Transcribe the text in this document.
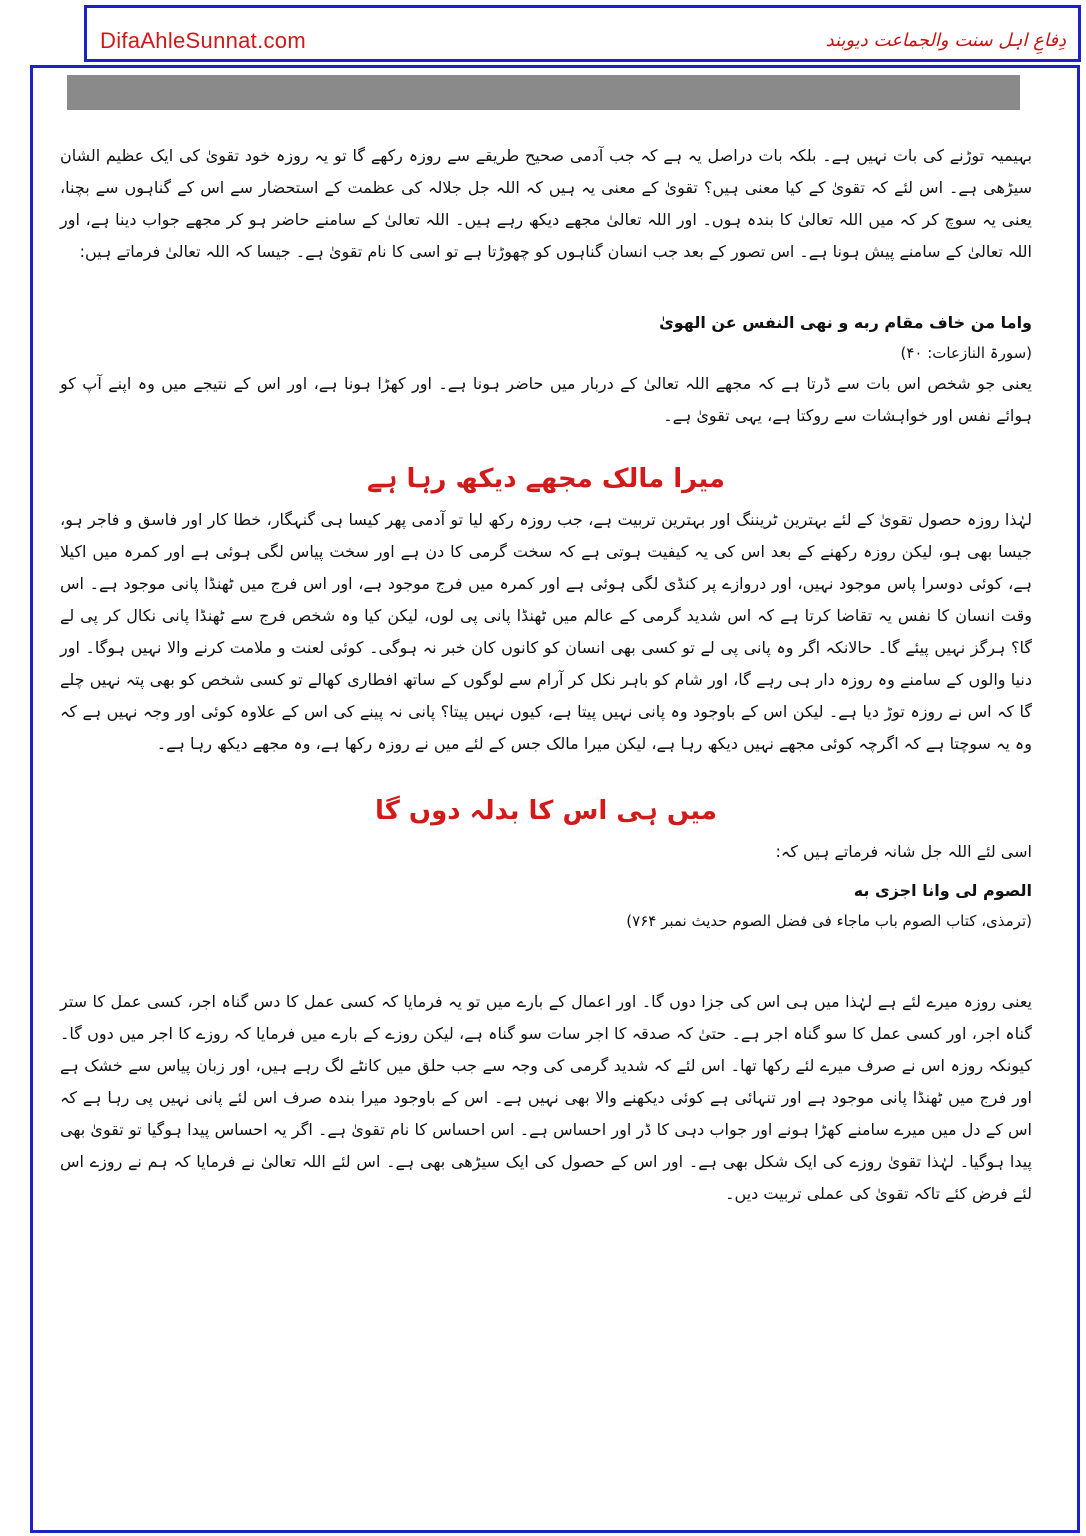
DifaAhleSunnat.com	دِفاعِ اہل سنت والجماعت دیوبند

بہیمیہ توڑنے کی بات نہیں ہے۔ بلکہ بات دراصل یہ ہے کہ جب آدمی صحیح طریقے سے روزہ رکھے گا تو یہ روزہ خود تقویٰ کی ایک عظیم الشان سیڑھی ہے۔ اس لئے کہ تقویٰ کے کیا معنی ہیں؟ تقویٰ کے معنی یہ ہیں کہ اللہ جل جلالہ کی عظمت کے استحضار سے اس کے گناہوں سے بچنا، یعنی یہ سوچ کر کہ میں اللہ تعالیٰ کا بندہ ہوں۔ اور اللہ تعالیٰ مجھے دیکھ رہے ہیں۔ اللہ تعالیٰ کے سامنے حاضر ہو کر مجھے جواب دینا ہے، اور اللہ تعالیٰ کے سامنے پیش ہونا ہے۔ اس تصور کے بعد جب انسان گناہوں کو چھوڑتا ہے تو اسی کا نام تقویٰ ہے۔ جیسا کہ اللہ تعالیٰ فرماتے ہیں:

واما من خاف مقام ربه و نهى النفس عن الهوىٰ

(سورۃ النازعات: ۴۰)

یعنی جو شخص اس بات سے ڈرتا ہے کہ مجھے اللہ تعالیٰ کے دربار میں حاضر ہونا ہے۔ اور کھڑا ہونا ہے، اور اس کے نتیجے میں وہ اپنے آپ کو ہوائے نفس اور خواہشات سے روکتا ہے، یہی تقویٰ ہے۔

میرا مالک مجھے دیکھ رہا ہے

لہٰذا روزہ حصول تقویٰ کے لئے بہترین ٹریننگ اور بہترین تربیت ہے، جب روزہ رکھ لیا تو آدمی پھر کیسا ہی گنہگار، خطا کار اور فاسق و فاجر ہو، جیسا بھی ہو، لیکن روزہ رکھنے کے بعد اس کی یہ کیفیت ہوتی ہے کہ سخت گرمی کا دن ہے اور سخت پیاس لگی ہوئی ہے اور کمرہ میں اکیلا ہے، کوئی دوسرا پاس موجود نہیں، اور دروازے پر کنڈی لگی ہوئی ہے اور کمرہ میں فرج موجود ہے، اور اس فرج میں ٹھنڈا پانی موجود ہے۔ اس وقت انسان کا نفس یہ تقاضا کرتا ہے کہ اس شدید گرمی کے عالم میں ٹھنڈا پانی پی لوں، لیکن کیا وہ شخص فرج سے ٹھنڈا پانی نکال کر پی لے گا؟ ہرگز نہیں پیئے گا۔ حالانکہ اگر وہ پانی پی لے تو کسی بھی انسان کو کانوں کان خبر نہ ہوگی۔ کوئی لعنت و ملامت کرنے والا نہیں ہوگا۔ اور دنیا والوں کے سامنے وہ روزہ دار ہی رہے گا، اور شام کو باہر نکل کر آرام سے لوگوں کے ساتھ افطاری کھالے تو کسی شخص کو بھی پتہ نہیں چلے گا کہ اس نے روزہ توڑ دیا ہے۔ لیکن اس کے باوجود وہ پانی نہیں پیتا ہے، کیوں نہیں پیتا؟ پانی نہ پینے کی اس کے علاوہ کوئی اور وجہ نہیں ہے کہ وہ یہ سوچتا ہے کہ اگرچہ کوئی مجھے نہیں دیکھ رہا ہے، لیکن میرا مالک جس کے لئے میں نے روزہ رکھا ہے، وہ مجھے دیکھ رہا ہے۔

میں ہی اس کا بدلہ دوں گا

اسی لئے اللہ جل شانہ فرماتے ہیں کہ:

الصوم لی وانا اجزی به

(ترمذی، کتاب الصوم باب ماجاء فی فضل الصوم حدیث نمبر ۷۶۴)

یعنی روزہ میرے لئے ہے لہٰذا میں ہی اس کی جزا دوں گا۔ اور اعمال کے بارے میں تو یہ فرمایا کہ کسی عمل کا دس گناہ اجر، کسی عمل کا ستر گناہ اجر، اور کسی عمل کا سو گناہ اجر ہے۔ حتیٰ کہ صدقہ کا اجر سات سو گناہ ہے، لیکن روزے کے بارے میں فرمایا کہ روزے کا اجر میں دوں گا۔ کیونکہ روزہ اس نے صرف میرے لئے رکھا تھا۔ اس لئے کہ شدید گرمی کی وجہ سے جب حلق میں کانٹے لگ رہے ہیں، اور زبان پیاس سے خشک ہے اور فرج میں ٹھنڈا پانی موجود ہے اور تنہائی ہے کوئی دیکھنے والا بھی نہیں ہے۔ اس کے باوجود میرا بندہ صرف اس لئے پانی نہیں پی رہا ہے کہ اس کے دل میں میرے سامنے کھڑا ہونے اور جواب دہی کا ڈر اور احساس ہے۔ اس احساس کا نام تقویٰ ہے۔ اگر یہ احساس پیدا ہوگیا تو تقویٰ بھی پیدا ہوگیا۔ لہٰذا تقویٰ روزے کی ایک شکل بھی ہے۔ اور اس کے حصول کی ایک سیڑھی بھی ہے۔ اس لئے اللہ تعالیٰ نے فرمایا کہ ہم نے روزے اس لئے فرض کئے تاکہ تقویٰ کی عملی تربیت دیں۔
